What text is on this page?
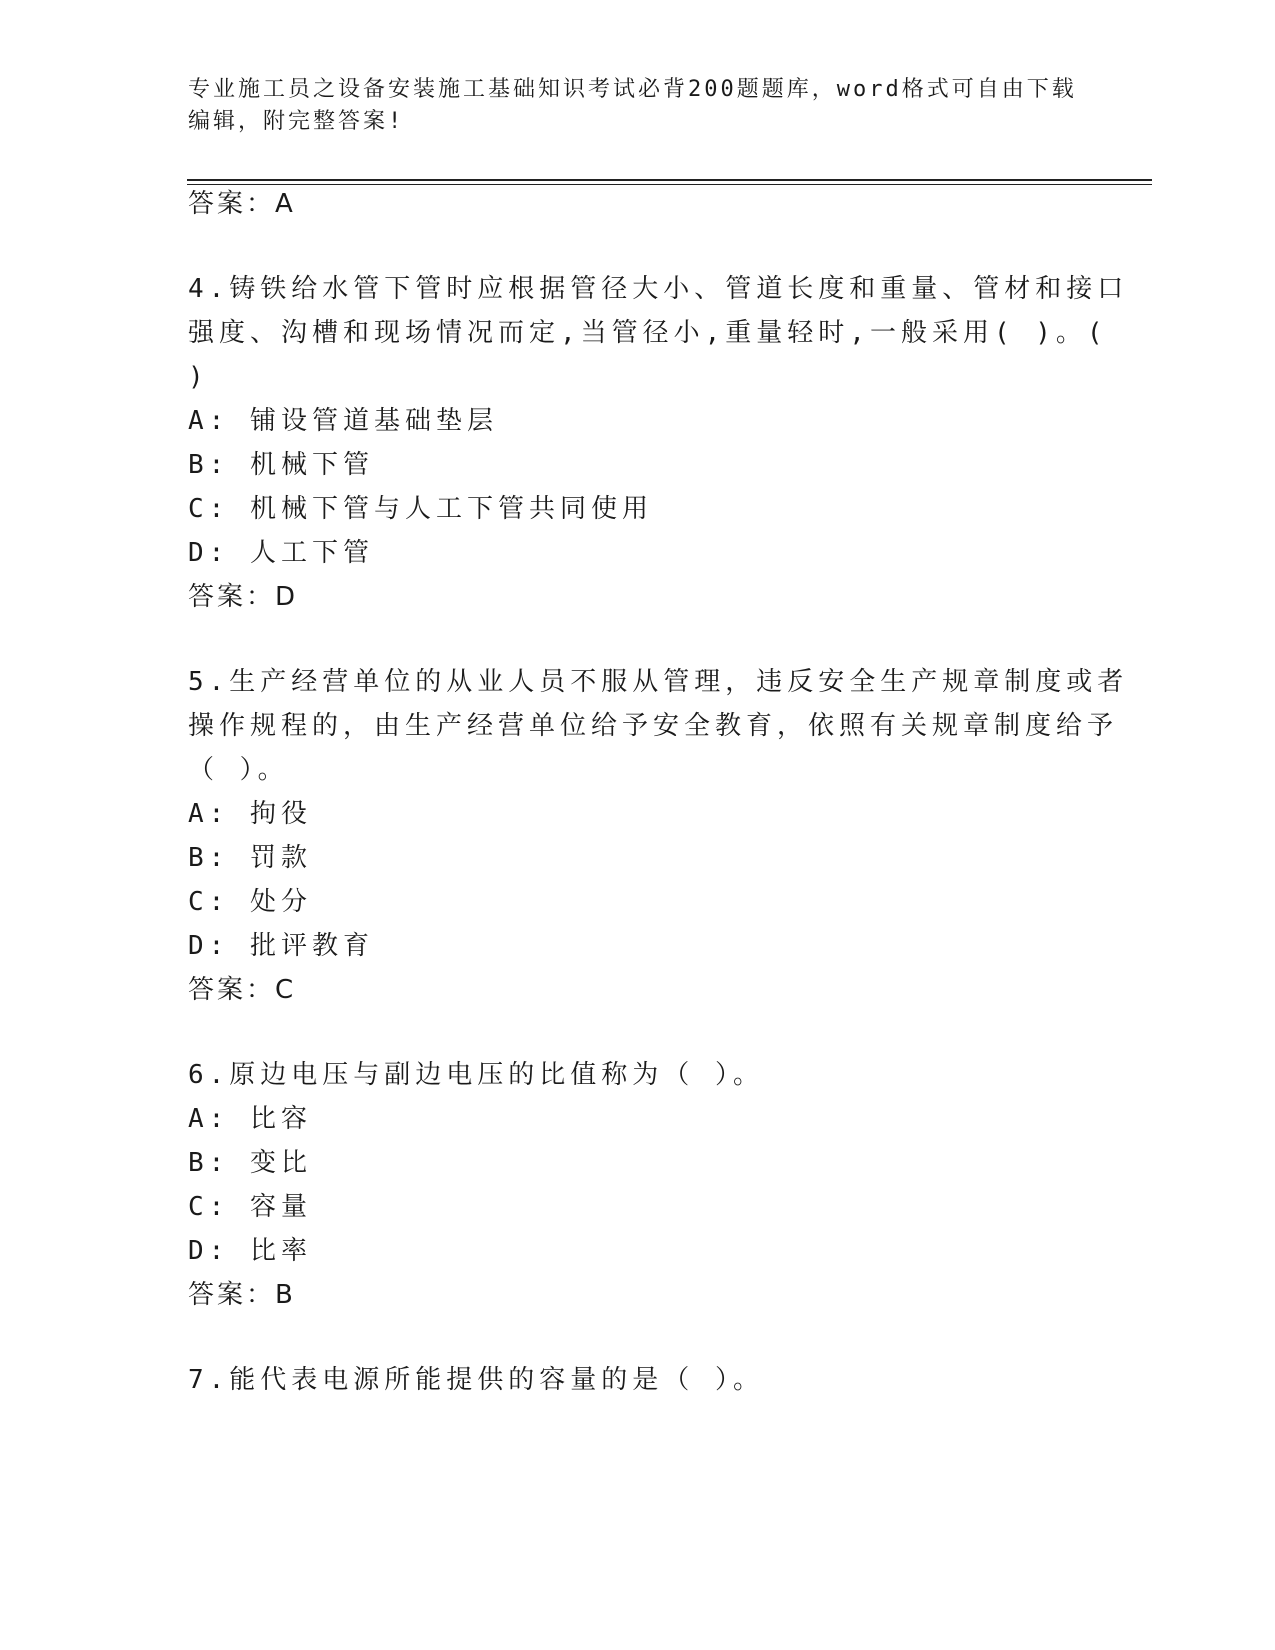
专业施工员之设备安装施工基础知识考试必背200题题库，word格式可自由下载
编辑，附完整答案!
答案：A
4.铸铁给水管下管时应根据管径大小、管道长度和重量、管材和接口
强度、沟槽和现场情况而定,当管径小,重量轻时,一般采用( )。(
)
A: 铺设管道基础垫层
B: 机械下管
C: 机械下管与人工下管共同使用
D: 人工下管
答案：D
5.生产经营单位的从业人员不服从管理，违反安全生产规章制度或者
操作规程的，由生产经营单位给予安全教育，依照有关规章制度给予
（ ）。
A: 拘役
B: 罚款
C: 处分
D: 批评教育
答案：C
6.原边电压与副边电压的比值称为（ ）。
A: 比容
B: 变比
C: 容量
D: 比率
答案：B
7.能代表电源所能提供的容量的是（ ）。
